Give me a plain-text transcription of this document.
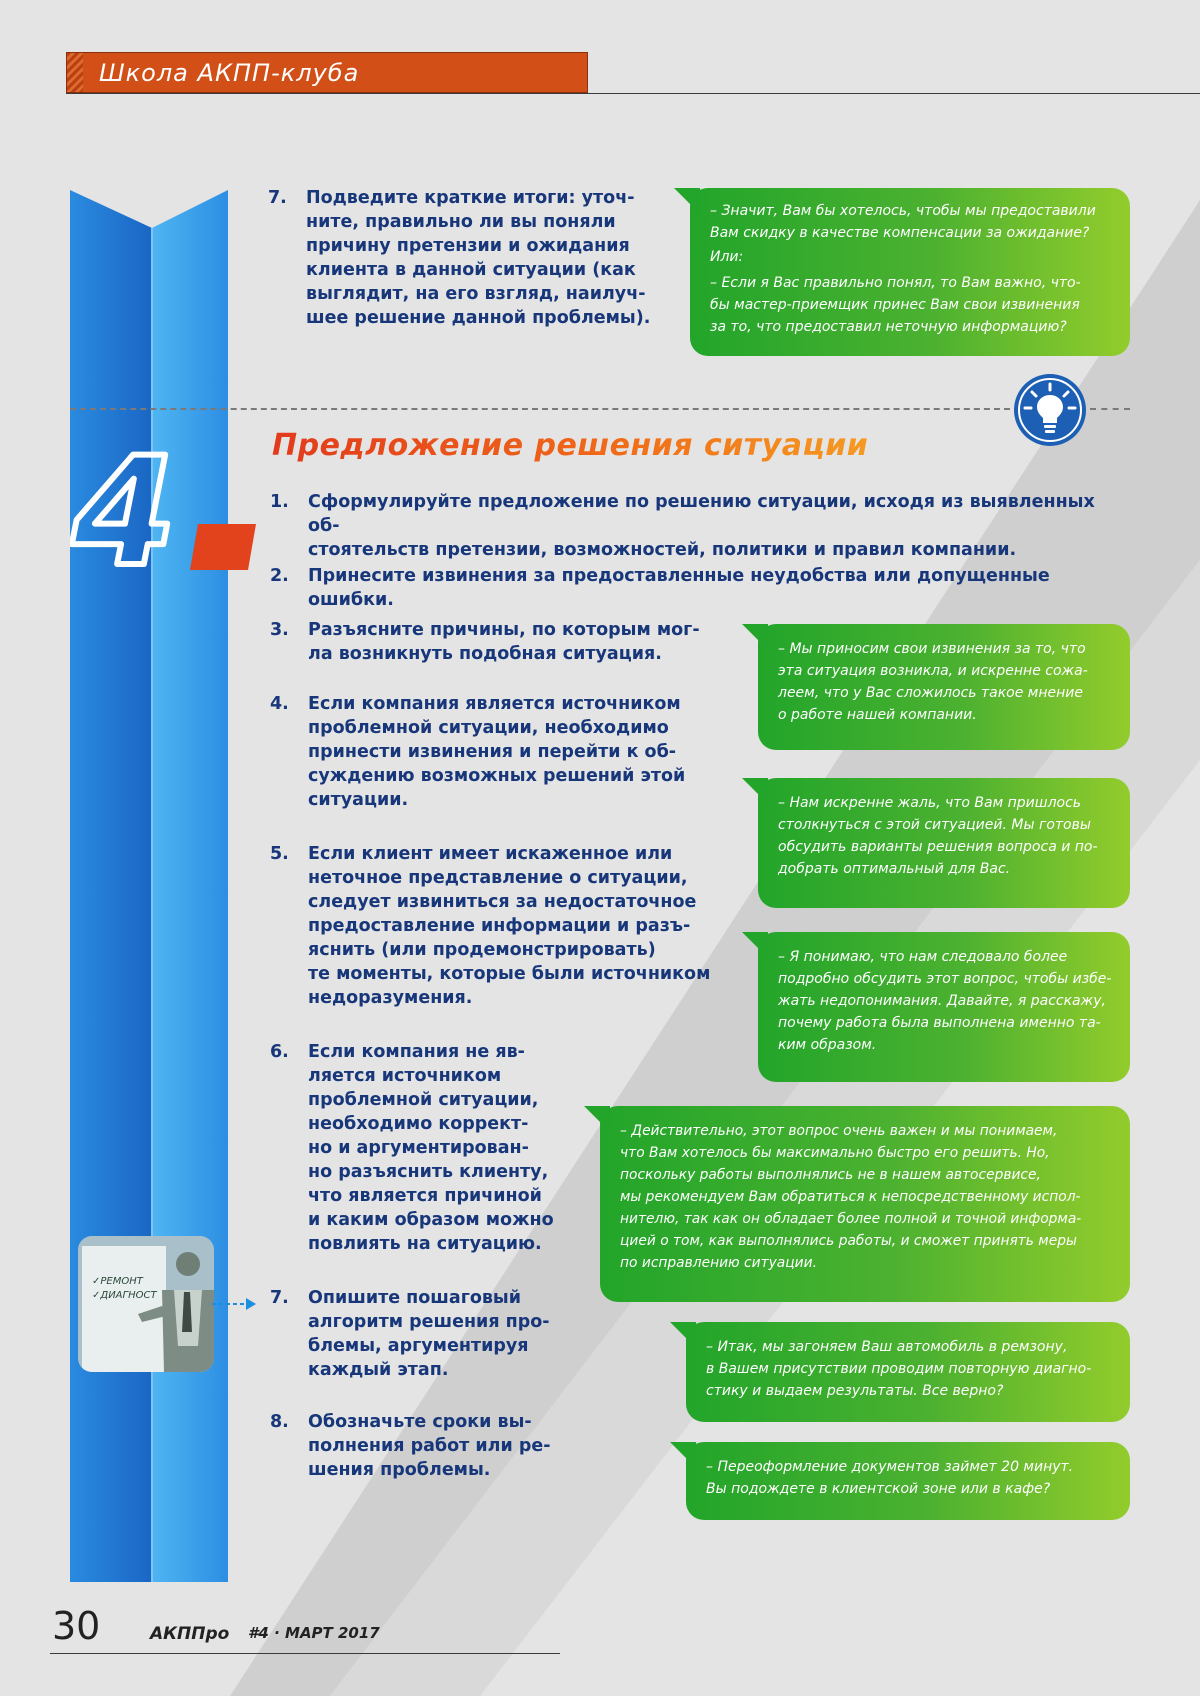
Школа АКПП-клуба
7. Подведите краткие итоги: уточ-
ните, правильно ли вы поняли
причину претензии и ожидания
клиента в данной ситуации (как
выглядит, на его взгляд, наилуч-
шее решение данной проблемы).
– Значит, Вам бы хотелось, чтобы мы предоставили
Вам скидку в качестве компенсации за ожидание?
Или:
– Если я Вас правильно понял, то Вам важно, что-
бы мастер-приемщик принес Вам свои извинения
за то, что предоставил неточную информацию?
4	Предложение решения ситуации
1. Сформулируйте предложение по решению ситуации, исходя из выявленных об-
стоятельств претензии, возможностей, политики и правил компании.
2. Принесите извинения за предоставленные неудобства или допущенные ошибки.
3. Разъясните причины, по которым мог-
ла возникнуть подобная ситуация.
4. Если компания является источником
проблемной ситуации, необходимо
принести извинения и перейти к об-
суждению возможных решений этой
ситуации.
5. Если клиент имеет искаженное или
неточное представление о ситуации,
следует извиниться за недостаточное
предоставление информации и разъ-
яснить (или продемонстрировать)
те моменты, которые были источником
недоразумения.
6. Если компания не яв-
ляется источником
проблемной ситуации,
необходимо коррект-
но и аргументирован-
но разъяснить клиенту,
что является причиной
и каким образом можно
повлиять на ситуацию.
7. Опишите пошаговый
алгоритм решения про-
блемы, аргументируя
каждый этап.
8. Обозначьте сроки вы-
полнения работ или ре-
шения проблемы.
– Мы приносим свои извинения за то, что
эта ситуация возникла, и искренне сожа-
леем, что у Вас сложилось такое мнение
о работе нашей компании.
– Нам искренне жаль, что Вам пришлось
столкнуться с этой ситуацией. Мы готовы
обсудить варианты решения вопроса и по-
добрать оптимальный для Вас.
– Я понимаю, что нам следовало более
подробно обсудить этот вопрос, чтобы избе-
жать недопонимания. Давайте, я расскажу,
почему работа была выполнена именно та-
ким образом.
– Действительно, этот вопрос очень важен и мы понимаем,
что Вам хотелось бы максимально быстро его решить. Но,
поскольку работы выполнялись не в нашем автосервисе,
мы рекомендуем Вам обратиться к непосредственному испол-
нителю, так как он обладает более полной и точной информа-
цией о том, как выполнялись работы, и сможет принять меры
по исправлению ситуации.
– Итак, мы загоняем Ваш автомобиль в ремзону,
в Вашем присутствии проводим повторную диагно-
стику и выдаем результаты. Все верно?
– Переоформление документов займет 20 минут.
Вы подождете в клиентской зоне или в кафе?
✓РЕМОНТ
✓ДИАГНОСТ
30	АКППро #4 · МАРТ 2017
